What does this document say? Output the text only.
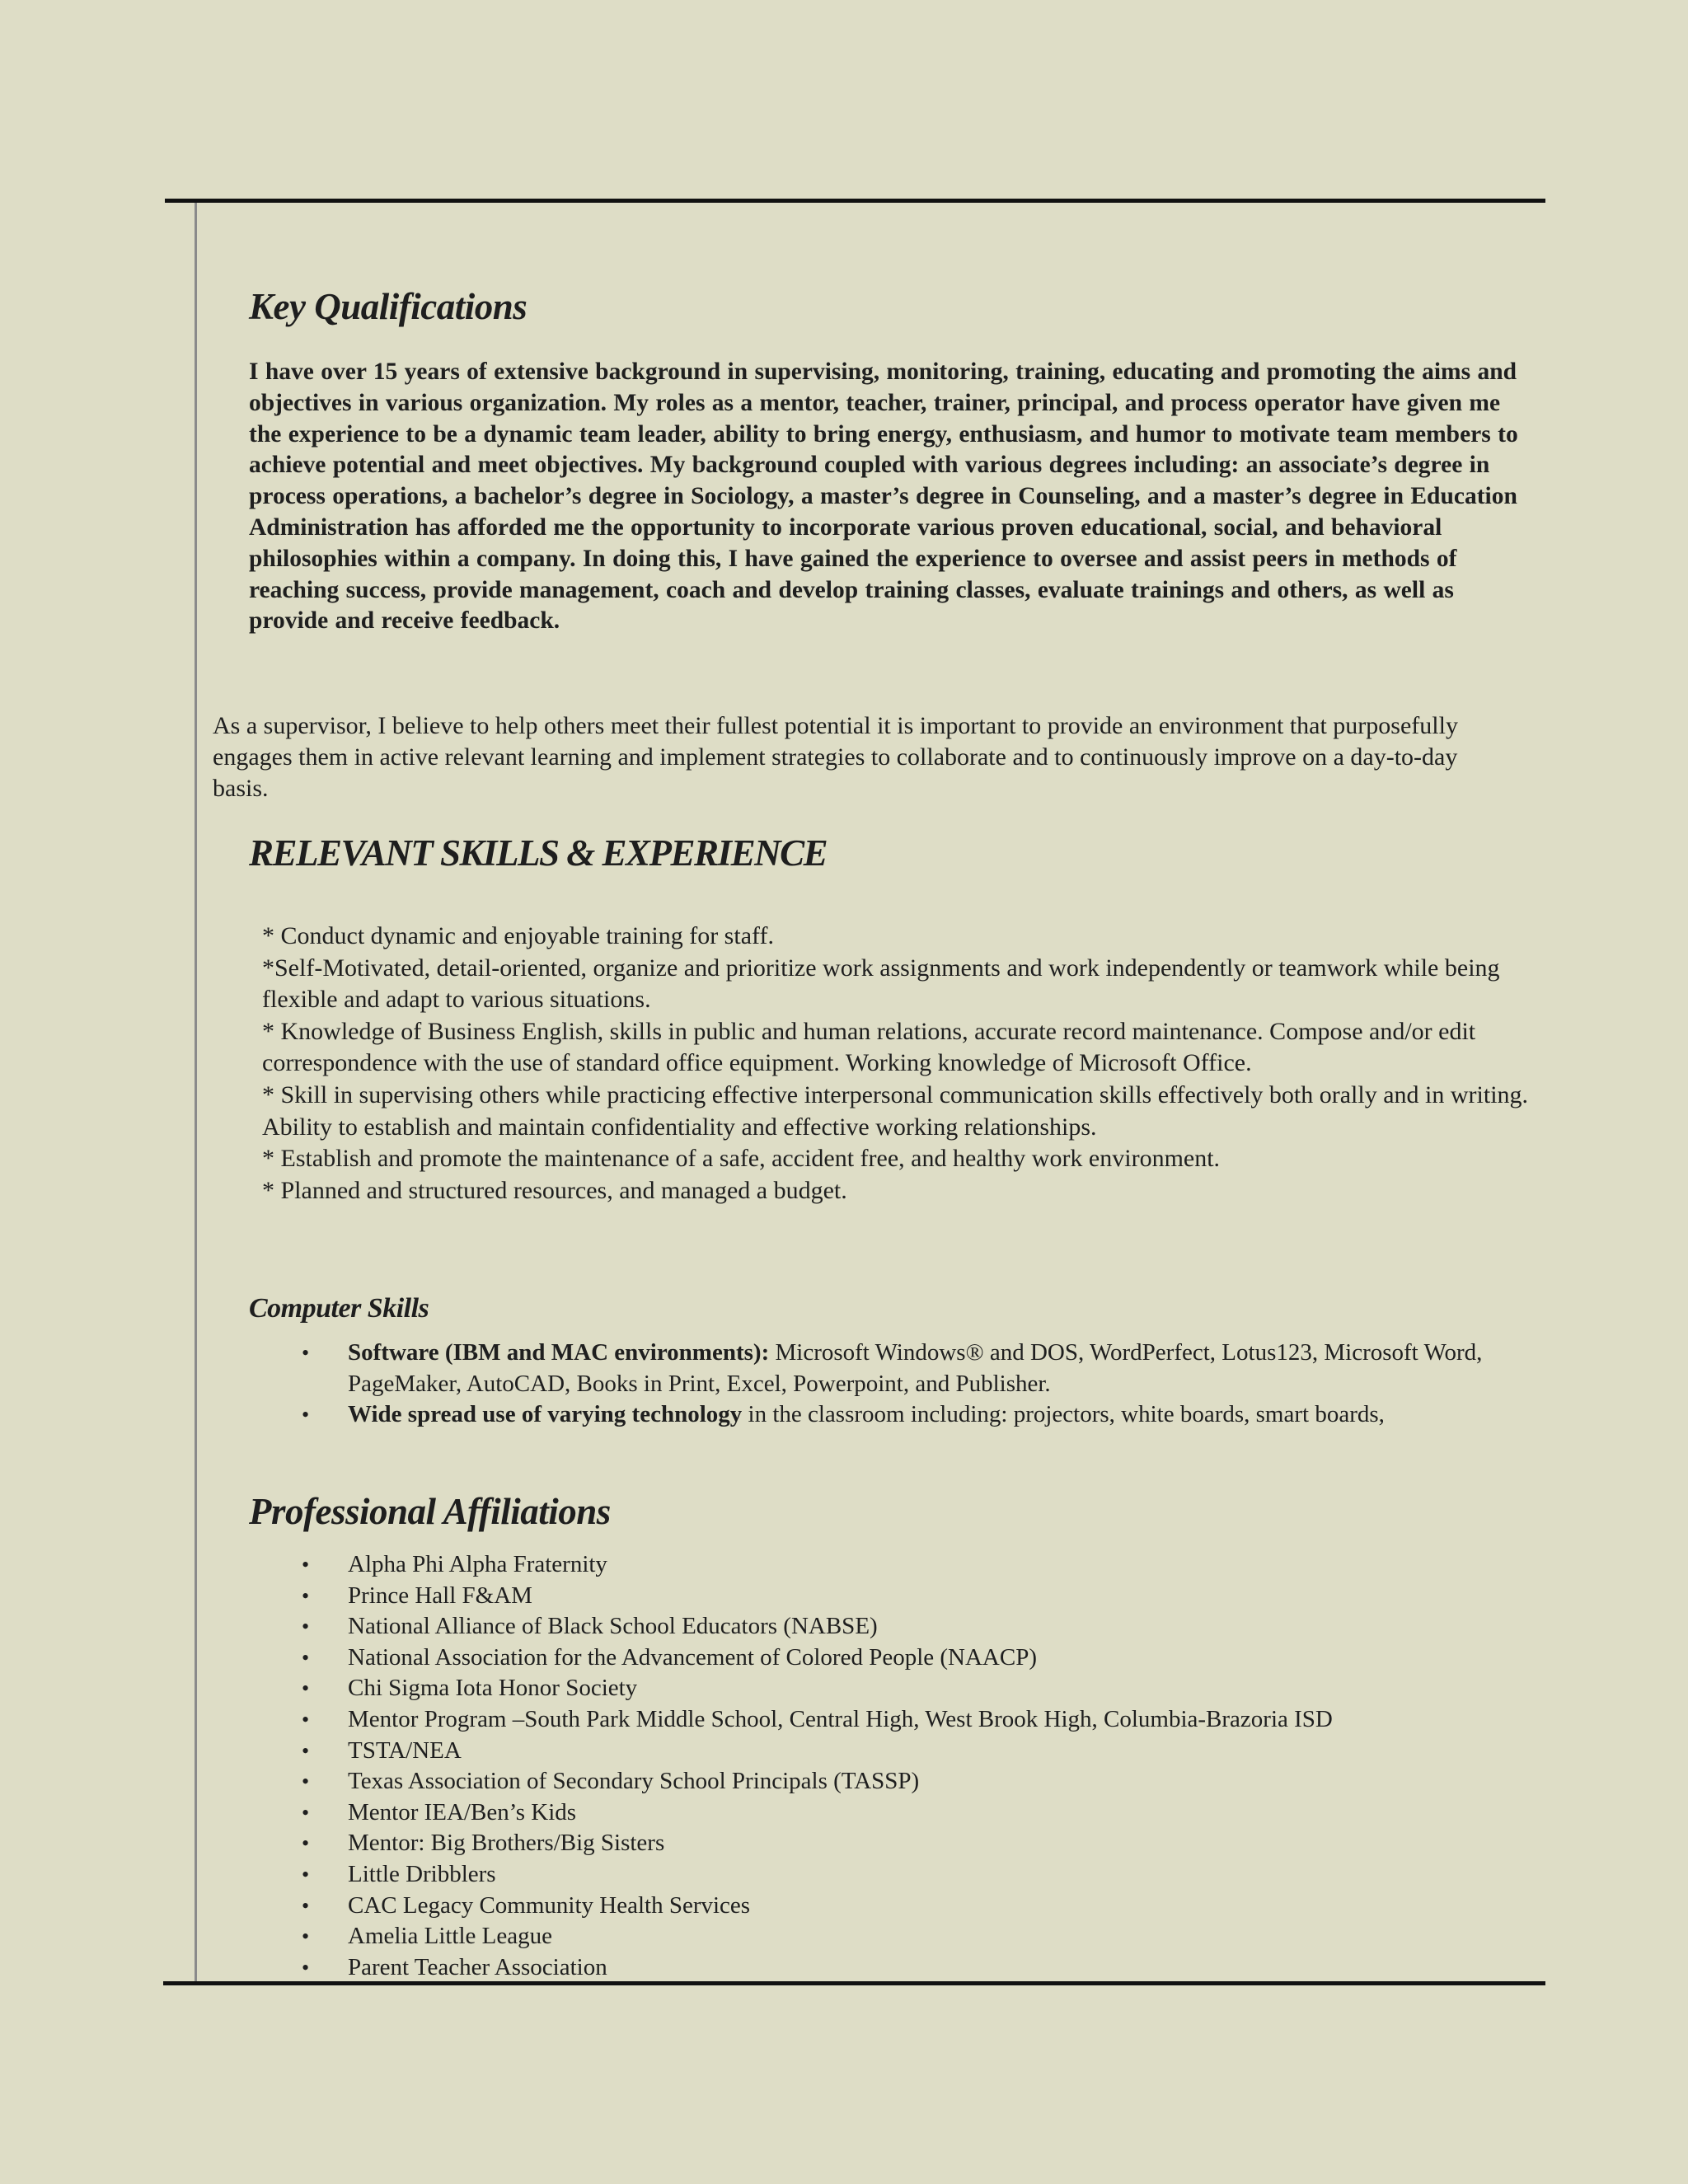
Key Qualifications

I have over 15 years of extensive background in supervising, monitoring, training, educating and promoting the aims and objectives in various organization. My roles as a mentor, teacher, trainer, principal, and process operator have given me the experience to be a dynamic team leader, ability to bring energy, enthusiasm, and humor to motivate team members to achieve potential and meet objectives. My background coupled with various degrees including: an associate’s degree in process operations, a bachelor’s degree in Sociology, a master’s degree in Counseling, and a master’s degree in Education Administration has afforded me the opportunity to incorporate various proven educational, social, and behavioral philosophies within a company. In doing this, I have gained the experience to oversee and assist peers in methods of reaching success, provide management, coach and develop training classes, evaluate trainings and others, as well as provide and receive feedback.

As a supervisor, I believe to help others meet their fullest potential it is important to provide an environment that purposefully engages them in active relevant learning and implement strategies to collaborate and to continuously improve on a day-to-day basis.

RELEVANT SKILLS & EXPERIENCE
* Conduct dynamic and enjoyable training for staff.
*Self-Motivated, detail-oriented, organize and prioritize work assignments and work independently or teamwork while being flexible and adapt to various situations.
* Knowledge of Business English, skills in public and human relations, accurate record maintenance. Compose and/or edit correspondence with the use of standard office equipment. Working knowledge of Microsoft Office.
* Skill in supervising others while practicing effective interpersonal communication skills effectively both orally and in writing. Ability to establish and maintain confidentiality and effective working relationships.
* Establish and promote the maintenance of a safe, accident free, and healthy work environment.
* Planned and structured resources, and managed a budget.
Computer Skills
• Software (IBM and MAC environments): Microsoft Windows® and DOS, WordPerfect, Lotus123, Microsoft Word, PageMaker, AutoCAD, Books in Print, Excel, Powerpoint, and Publisher.
• Wide spread use of varying technology in the classroom including: projectors, white boards, smart boards,
Professional Affiliations
• Alpha Phi Alpha Fraternity
• Prince Hall F&AM
• National Alliance of Black School Educators (NABSE)
• National Association for the Advancement of Colored People (NAACP)
• Chi Sigma Iota Honor Society
• Mentor Program –South Park Middle School, Central High, West Brook High, Columbia-Brazoria ISD
• TSTA/NEA
• Texas Association of Secondary School Principals (TASSP)
• Mentor IEA/Ben’s Kids
• Mentor: Big Brothers/Big Sisters
• Little Dribblers
• CAC Legacy Community Health Services
• Amelia Little League
• Parent Teacher Association
